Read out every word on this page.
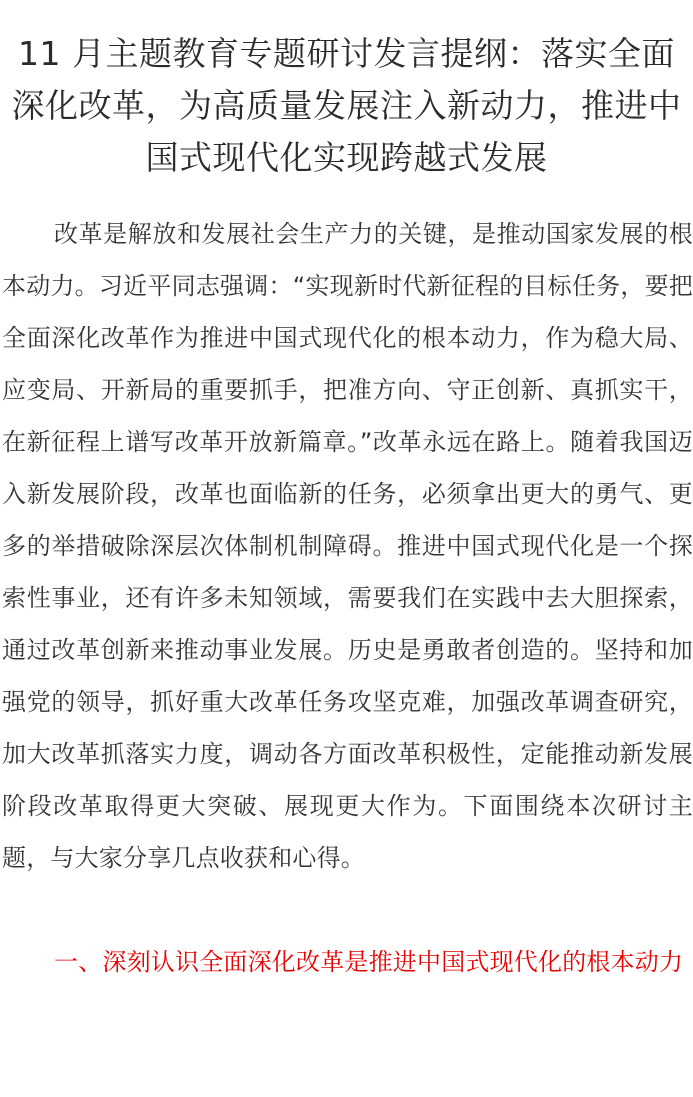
11 月主题教育专题研讨发言提纲：落实全面深化改革，为高质量发展注入新动力，推进中国式现代化实现跨越式发展

改革是解放和发展社会生产力的关键，是推动国家发展的根本动力。习近平同志强调：“实现新时代新征程的目标任务，要把全面深化改革作为推进中国式现代化的根本动力，作为稳大局、应变局、开新局的重要抓手，把准方向、守正创新、真抓实干，在新征程上谱写改革开放新篇章。”改革永远在路上。随着我国迈入新发展阶段，改革也面临新的任务，必须拿出更大的勇气、更多的举措破除深层次体制机制障碍。推进中国式现代化是一个探索性事业，还有许多未知领域，需要我们在实践中去大胆探索，通过改革创新来推动事业发展。历史是勇敢者创造的。坚持和加强党的领导，抓好重大改革任务攻坚克难，加强改革调查研究，加大改革抓落实力度，调动各方面改革积极性，定能推动新发展阶段改革取得更大突破、展现更大作为。下面围绕本次研讨主题，与大家分享几点收获和心得。

一、深刻认识全面深化改革是推进中国式现代化的根本动力
